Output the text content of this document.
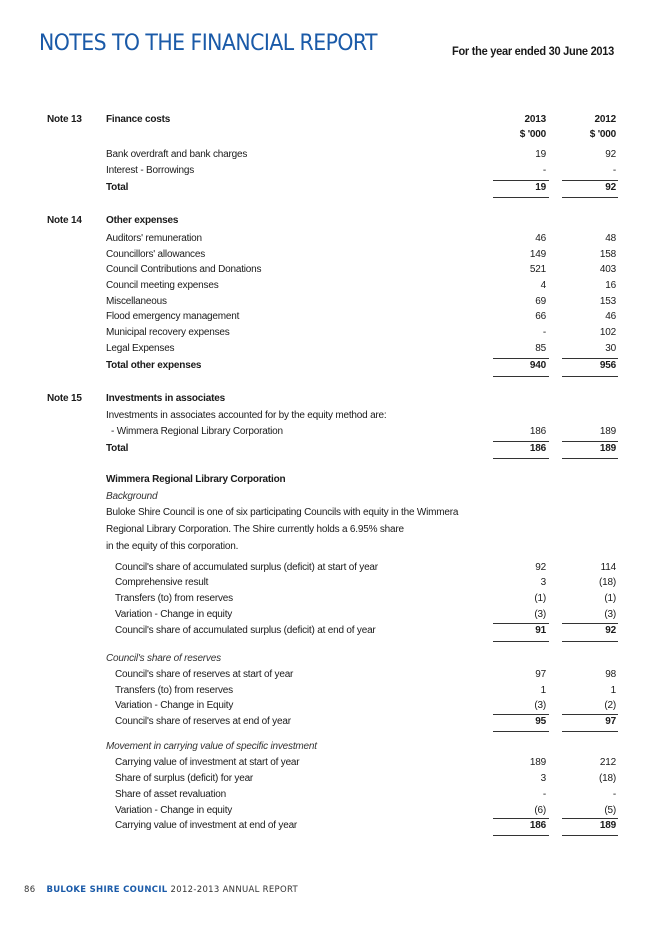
NOTES TO THE FINANCIAL REPORT	For the year ended 30 June 2013
Note 13 Finance costs	2013	2012
$ '000	$ '000
Bank overdraft and bank charges	19	92
Interest - Borrowings	-	-
Total	19	92
Note 14 Other expenses
Auditors' remuneration	46	48
Councillors' allowances	149	158
Council Contributions and Donations	521	403
Council meeting expenses	4	16
Miscellaneous	69	153
Flood emergency management	66	46
Municipal recovery expenses	-	102
Legal Expenses	85	30
Total other expenses	940	956
Note 15 Investments in associates
Investments in associates accounted for by the equity method are:
- Wimmera Regional Library Corporation	186	189
Total	186	189
Wimmera Regional Library Corporation
Background
Buloke Shire Council is one of six participating Councils with equity in the Wimmera
Regional Library Corporation. The Shire currently holds a 6.95% share
in the equity of this corporation.
Council's share of accumulated surplus (deficit) at start of year	92	114
Comprehensive result	3	(18)
Transfers (to) from reserves	(1)	(1)
Variation - Change in equity	(3)	(3)
Council's share of accumulated surplus (deficit) at end of year	91	92
Council's share of reserves
Council's share of reserves at start of year	97	98
Transfers (to) from reserves	1	1
Variation - Change in Equity	(3)	(2)
Council's share of reserves at end of year	95	97
Movement in carrying value of specific investment
Carrying value of investment at start of year	189	212
Share of surplus (deficit) for year	3	(18)
Share of asset revaluation	-	-
Variation - Change in equity	(6)	(5)
Carrying value of investment at end of year	186	189
86 BULOKE SHIRE COUNCIL 2012-2013 ANNUAL REPORT
